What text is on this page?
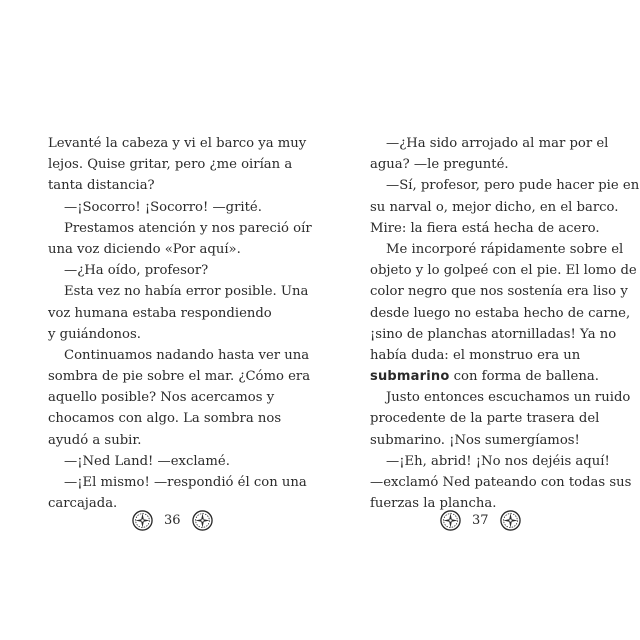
Levanté la cabeza y vi el barco ya muy
lejos. Quise gritar, pero ¿me oirían a
tanta distancia?
—¡Socorro! ¡Socorro! —grité.
Prestamos atención y nos pareció oír
una voz diciendo «Por aquí».
—¿Ha oído, profesor?
Esta vez no había error posible. Una
voz humana estaba respondiendo
y guiándonos.
Continuamos nadando hasta ver una
sombra de pie sobre el mar. ¿Cómo era
aquello posible? Nos acercamos y
chocamos con algo. La sombra nos
ayudó a subir.
—¡Ned Land! —exclamé.
—¡El mismo! —respondió él con una
carcajada.
36
—¿Ha sido arrojado al mar por el
agua? —le pregunté.
—Sí, profesor, pero pude hacer pie en
su narval o, mejor dicho, en el barco.
Mire: la fiera está hecha de acero.
Me incorporé rápidamente sobre el
objeto y lo golpeé con el pie. El lomo de
color negro que nos sostenía era liso y
desde luego no estaba hecho de carne,
¡sino de planchas atornilladas! Ya no
había duda: el monstruo era un
submarino con forma de ballena.
Justo entonces escuchamos un ruido
procedente de la parte trasera del
submarino. ¡Nos sumergíamos!
—¡Eh, abrid! ¡No nos dejéis aquí!
—exclamó Ned pateando con todas sus
fuerzas la plancha.
37
